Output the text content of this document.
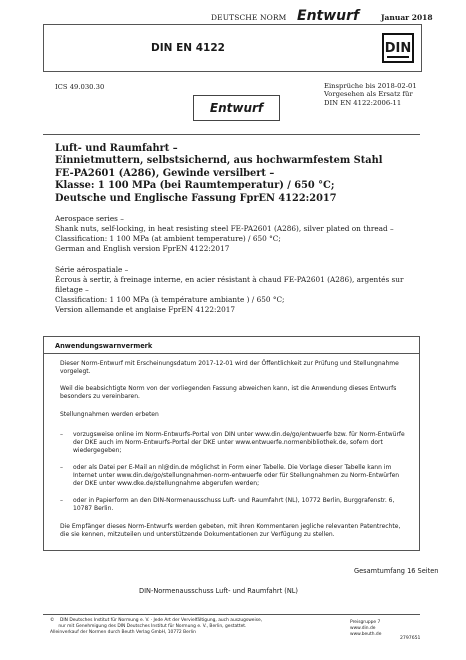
DEUTSCHE NORM Entwurf	Januar 2018
DIN EN 4122	DIN
ICS 49.030.30	Einsprüche bis 2018-02-01
Vorgesehen als Ersatz für
DIN EN 4122:2006-11
Entwurf
Luft- und Raumfahrt –
Einnietmuttern, selbstsichernd, aus hochwarmfestem Stahl
FE-PA2601 (A286), Gewinde versilbert –
Klasse: 1 100 MPa (bei Raumtemperatur) / 650 °C;
Deutsche und Englische Fassung FprEN 4122:2017
Aerospace series –
Shank nuts, self-locking, in heat resisting steel FE-PA2601 (A286), silver plated on thread –
Classification: 1 100 MPa (at ambient temperature) / 650 °C;
German and English version FprEN 4122:2017
Série aérospatiale –
Écrous à sertir, à freinage interne, en acier résistant à chaud FE-PA2601 (A286), argentés sur
filetage –
Classification: 1 100 MPa (à température ambiante ) / 650 °C;
Version allemande et anglaise FprEN 4122:2017
Anwendungswarnvermerk
Dieser Norm-Entwurf mit Erscheinungsdatum 2017-12-01 wird der Öffentlichkeit zur Prüfung und Stellungnahme vorgelegt.
Weil die beabsichtigte Norm von der vorliegenden Fassung abweichen kann, ist die Anwendung dieses Entwurfs besonders zu vereinbaren.
Stellungnahmen werden erbeten
– vorzugsweise online im Norm-Entwurfs-Portal von DIN unter www.din.de/go/entwuerfe bzw. für Norm-Entwürfe der DKE auch im Norm-Entwurfs-Portal der DKE unter www.entwuerfe.normenbibliothek.de, sofern dort wiedergegeben;
– oder als Datei per E-Mail an nl@din.de möglichst in Form einer Tabelle. Die Vorlage dieser Tabelle kann im Internet unter www.din.de/go/stellungnahmen-norm-entwuerfe oder für Stellungnahmen zu Norm-Entwürfen der DKE unter www.dke.de/stellungnahme abgerufen werden;
– oder in Papierform an den DIN-Normenausschuss Luft- und Raumfahrt (NL), 10772 Berlin, Burggrafenstr. 6, 10787 Berlin.
Die Empfänger dieses Norm-Entwurfs werden gebeten, mit ihren Kommentaren jegliche relevanten Patentrechte, die sie kennen, mitzuteilen und unterstützende Dokumentationen zur Verfügung zu stellen.
Gesamtumfang 16 Seiten
DIN-Normenausschuss Luft- und Raumfahrt (NL)
©    DIN Deutsches Institut für Normung e. V. · Jede Art der Vervielfältigung, auch auszugsweise,
nur mit Genehmigung des DIN Deutsches Institut für Normung e. V., Berlin, gestattet.
Alleinverkauf der Normen durch Beuth Verlag GmbH, 10772 Berlin
Preisgruppe 7
www.din.de
www.beuth.de
2797651
